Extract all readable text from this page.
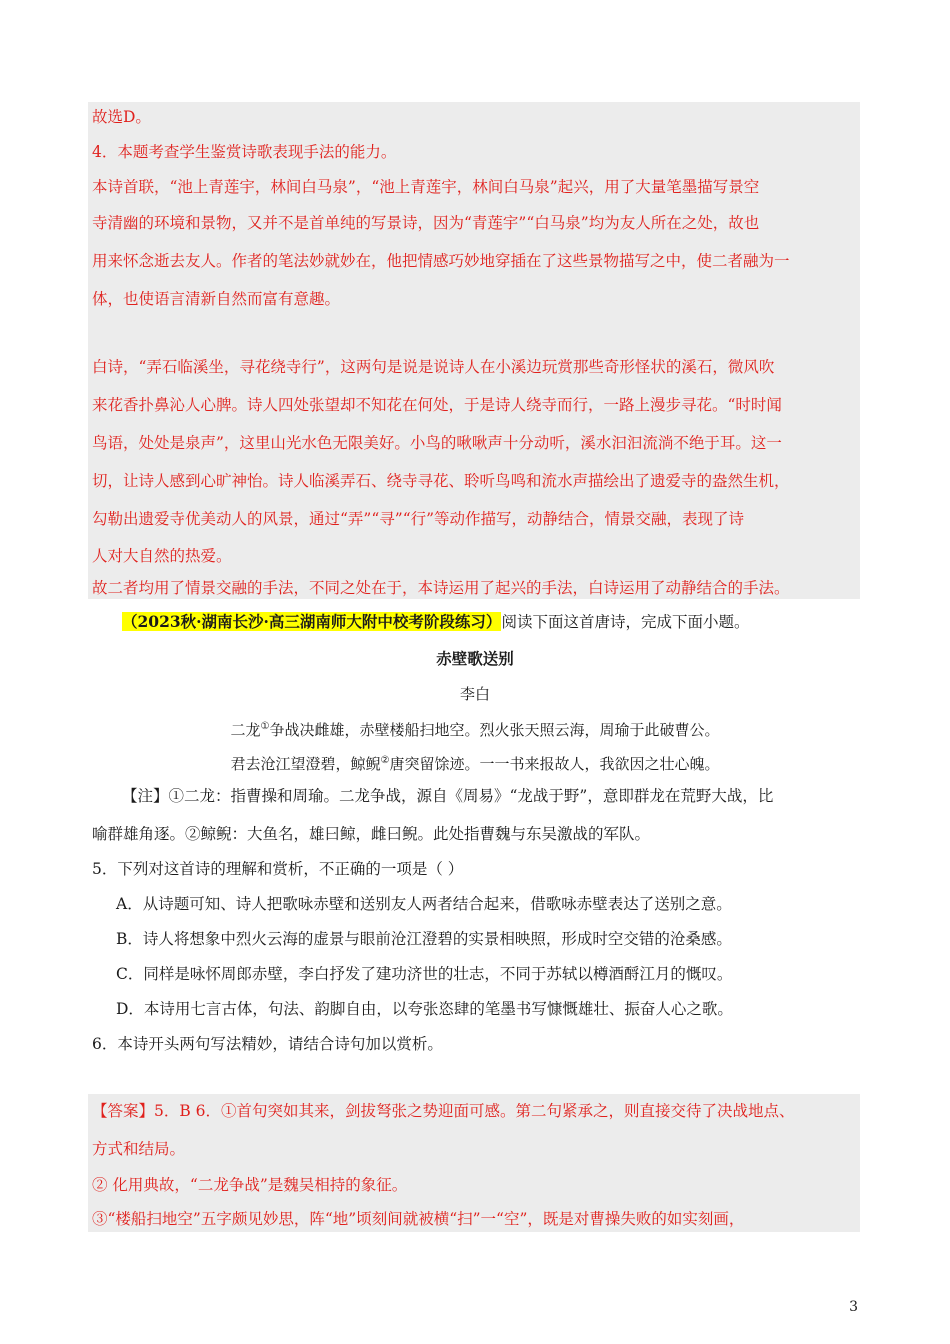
故选D。
4．本题考查学生鉴赏诗歌表现手法的能力。
本诗首联，“池上青莲宇，林间白马泉”，“池上青莲宇，林间白马泉”起兴，用了大量笔墨描写景空
寺清幽的环境和景物，又并不是首单纯的写景诗，因为“青莲宇”“白马泉”均为友人所在之处，故也
用来怀念逝去友人。作者的笔法妙就妙在，他把情感巧妙地穿插在了这些景物描写之中，使二者融为一
体，也使语言清新自然而富有意趣。
白诗，“弄石临溪坐，寻花绕寺行”，这两句是说是说诗人在小溪边玩赏那些奇形怪状的溪石，微风吹
来花香扑鼻沁人心脾。诗人四处张望却不知花在何处，于是诗人绕寺而行，一路上漫步寻花。“时时闻
鸟语，处处是泉声”，这里山光水色无限美好。小鸟的啾啾声十分动听，溪水汩汩流淌不绝于耳。这一
切，让诗人感到心旷神怡。诗人临溪弄石、绕寺寻花、聆听鸟鸣和流水声描绘出了遗爱寺的盎然生机，
勾勒出遗爱寺优美动人的风景，通过“弄”“寻”“行”等动作描写，动静结合，情景交融，表现了诗
人对大自然的热爱。
故二者均用了情景交融的手法，不同之处在于，本诗运用了起兴的手法，白诗运用了动静结合的手法。
（2023秋·湖南长沙·高三湖南师大附中校考阶段练习）阅读下面这首唐诗，完成下面小题。
赤壁歌送别
李白
二龙①争战决雌雄，赤壁楼船扫地空。烈火张天照云海，周瑜于此破曹公。
君去沧江望澄碧，鲸鲵②唐突留馀迹。一一书来报故人，我欲因之壮心魄。
【注】①二龙：指曹操和周瑜。二龙争战，源自《周易》“龙战于野”，意即群龙在荒野大战，比
喻群雄角逐。②鲸鲵：大鱼名，雄曰鲸，雌曰鲵。此处指曹魏与东吴激战的军队。
5．下列对这首诗的理解和赏析，不正确的一项是（ ）
A．从诗题可知、诗人把歌咏赤壁和送别友人两者结合起来，借歌咏赤壁表达了送别之意。
B．诗人将想象中烈火云海的虚景与眼前沧江澄碧的实景相映照，形成时空交错的沧桑感。
C．同样是咏怀周郎赤壁，李白抒发了建功济世的壮志，不同于苏轼以樽酒酹江月的慨叹。
D．本诗用七言古体，句法、韵脚自由，以夸张恣肆的笔墨书写慷慨雄壮、振奋人心之歌。
6．本诗开头两句写法精妙，请结合诗句加以赏析。
【答案】5．B 6．①首句突如其来，剑拔弩张之势迎面可感。第二句紧承之，则直接交待了决战地点、
方式和结局。
② 化用典故，“二龙争战”是魏吴相持的象征。
③“楼船扫地空”五字颇见妙思，阵“地”顷刻间就被横“扫”一“空”，既是对曹操失败的如实刻画，
3
